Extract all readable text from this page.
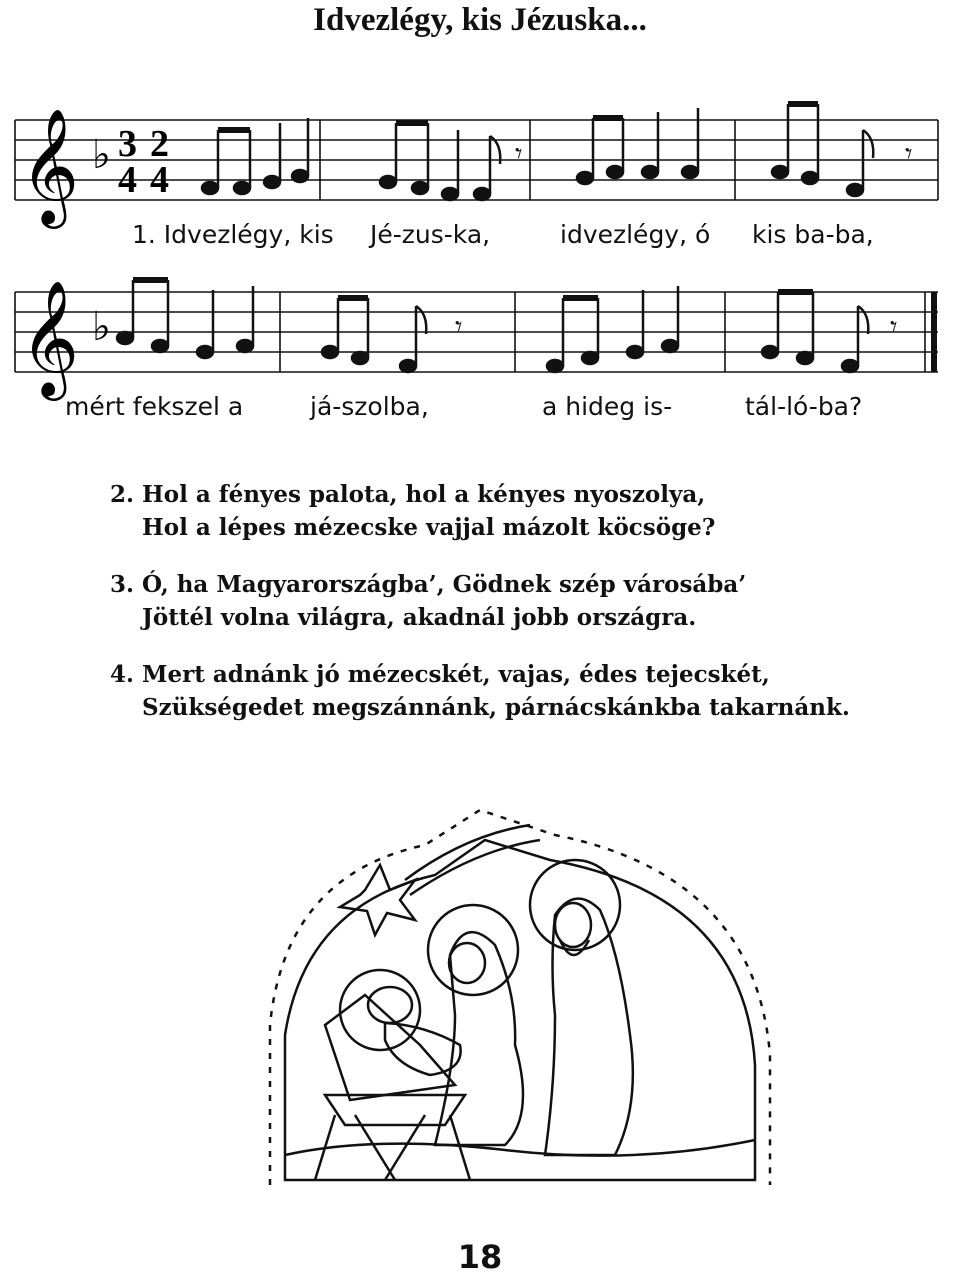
Idvezlégy, kis Jézuska...
𝄞 ♭ 3
4
2
4
𝄾	𝄾
1. Idvezlégy, kis Jé-zus-ka,	idvezlégy, ó kis ba-ba,
𝄞 ♭	𝄾	𝄾
mért fekszel a	já-szolba,	a hideg is-	tál-ló-ba?
2. Hol a fényes palota, hol a kényes nyoszolya,
Hol a lépes mézecske vajjal mázolt köcsöge?
3. Ó, ha Magyarországba’, Gödnek szép városába’
Jöttél volna világra, akadnál jobb országra.
4. Mert adnánk jó mézecskét, vajas, édes tejecskét,
Szükségedet megszánnánk, párnácskánkba takarnánk.
18
